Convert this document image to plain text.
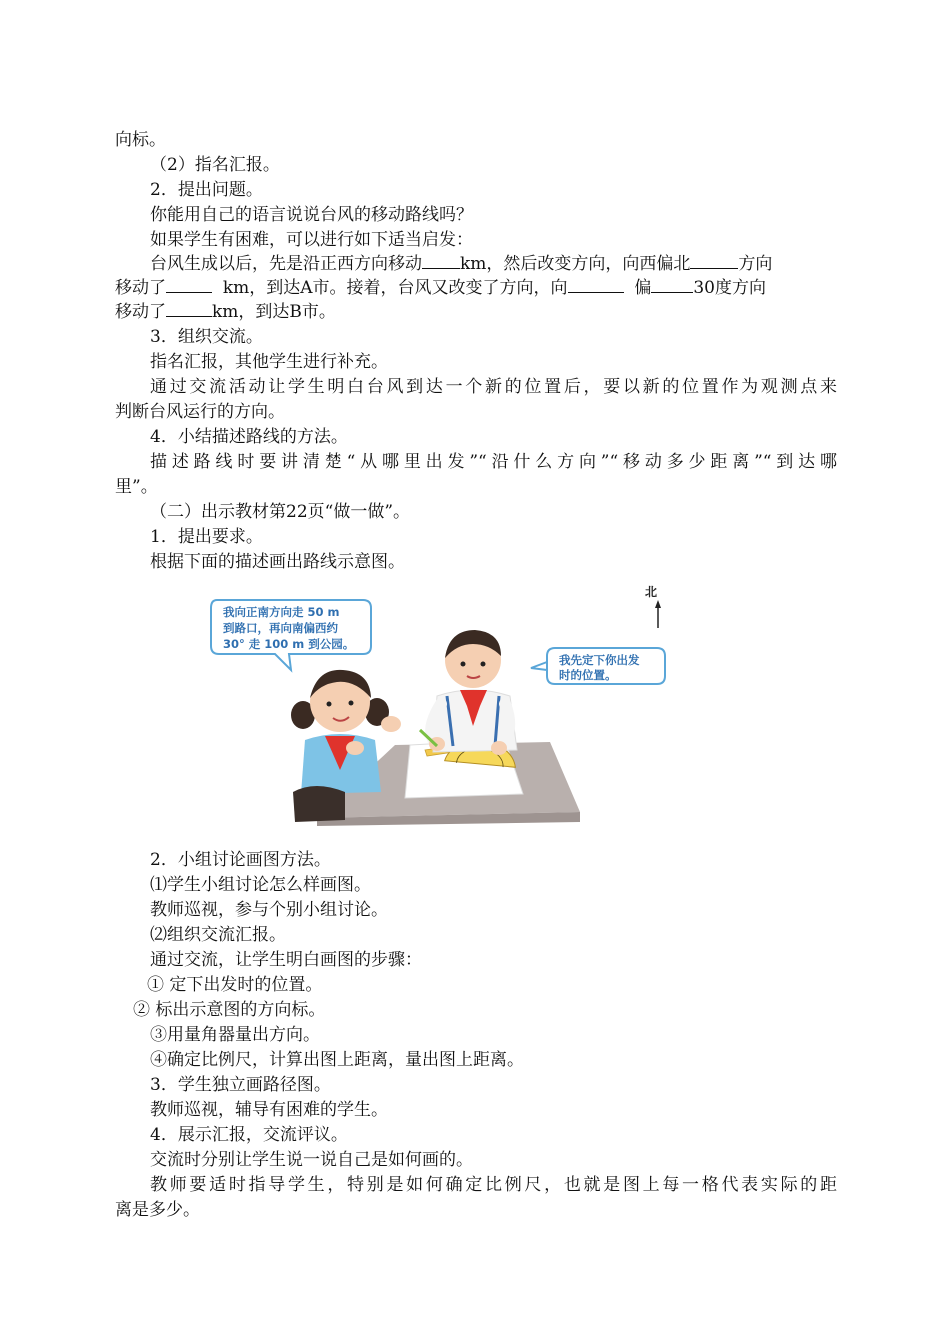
向标。
（2）指名汇报。
2．提出问题。
你能用自己的语言说说台风的移动路线吗？
如果学生有困难，可以进行如下适当启发：
台风生成以后，先是沿正西方向移动 km，然后改变方向，向西偏北	方向
移动了	km，到达A市。接着，台风又改变了方向，向	偏 30度方向
移动了	km，到达B市。
3．组织交流。
指名汇报，其他学生进行补充。
通过交流活动让学生明白台风到达一个新的位置后，要以新的位置作为观测点来
判断台风运行的方向。
4．小结描述路线的方法。
描述路线时要讲清楚“从哪里出发”“沿什么方向”“移动多少距离”“到达哪
里”。
（二）出示教材第22页“做一做”。
1．提出要求。
根据下面的描述画出路线示意图。
北
我向正南方向走 50 m
到路口，再向南偏西约
30° 走 100 m 到公园。
我先定下你出发
时的位置。
2．小组讨论画图方法。
⑴学生小组讨论怎么样画图。
教师巡视，参与个别小组讨论。
⑵组织交流汇报。
通过交流，让学生明白画图的步骤：
① 定下出发时的位置。
② 标出示意图的方向标。
③用量角器量出方向。
④确定比例尺，计算出图上距离，量出图上距离。
3．学生独立画路径图。
教师巡视，辅导有困难的学生。
4．展示汇报，交流评议。
交流时分别让学生说一说自己是如何画的。
教师要适时指导学生，特别是如何确定比例尺，也就是图上每一格代表实际的距
离是多少。
